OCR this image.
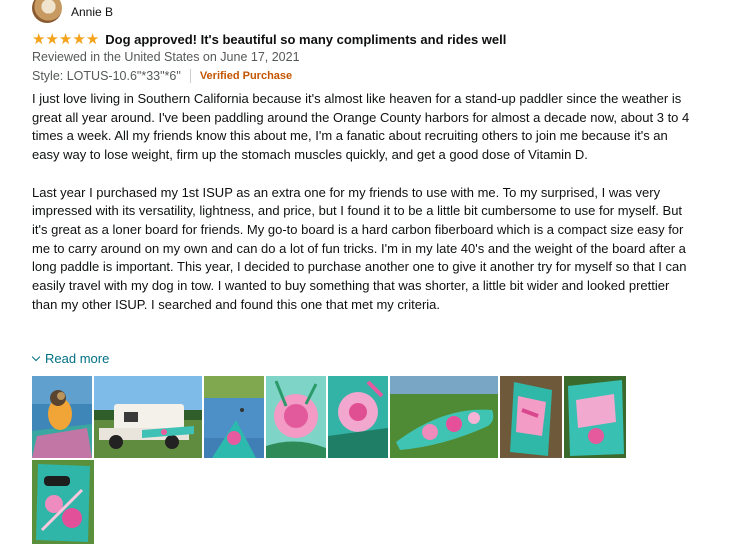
Annie B
★ ★ ★ ★ ★ Dog approved! It's beautiful so many compliments and rides well
Reviewed in the United States on June 17, 2021
Style: LOTUS-10.6"*33"*6" Verified Purchase

I just love living in Southern California because it's almost like heaven for a stand-up paddler since the weather is great all year around. I've been paddling around the Orange County harbors for almost a decade now, about 3 to 4 times a week. All my friends know this about me, I'm a fanatic about recruiting others to join me because it's an easy way to lose weight, firm up the stomach muscles quickly, and get a good dose of Vitamin D.

Last year I purchased my 1st ISUP as an extra one for my friends to use with me. To my surprised, I was very impressed with its versatility, lightness, and price, but I found it to be a little bit cumbersome to use for myself. But it's great as a loner board for friends. My go-to board is a hard carbon fiberboard which is a compact size easy for me to carry around on my own and can do a lot of fun tricks. I'm in my late 40's and the weight of the board after a long paddle is important. This year, I decided to purchase another one to give it another try for myself so that I can easily travel with my dog in tow. I wanted to buy something that was shorter, a little bit wider and looked prettier than my other ISUP. I searched and found this one that met my criteria.

Read more
